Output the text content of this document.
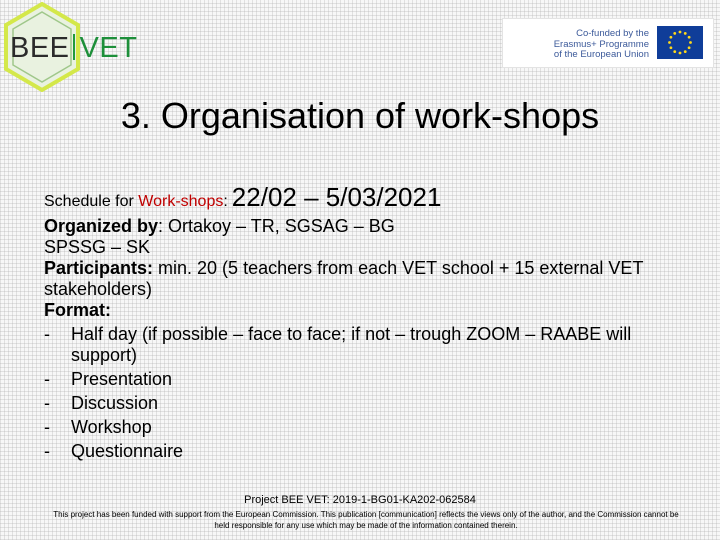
BEE VET	Co-funded by the
Erasmus+ Programme
of the European Union
3. Organisation of work-shops
Schedule for Work-shops: 22/02 – 5/03/2021
Organized by: Ortakoy – TR, SGSAG – BG
SPSSG – SK
Participants: min. 20 (5 teachers from each VET school + 15 external VET stakeholders)
Format:
- Half day (if possible – face to face; if not – trough ZOOM – RAABE will support)
- Presentation
- Discussion
- Workshop
- Questionnaire
Project BEE VET: 2019-1-BG01-KA202-062584
This project has been funded with support from the European Commission. This publication [communication] reflects the views only of the author, and the Commission cannot be held responsible for any use which may be made of the information contained therein.
